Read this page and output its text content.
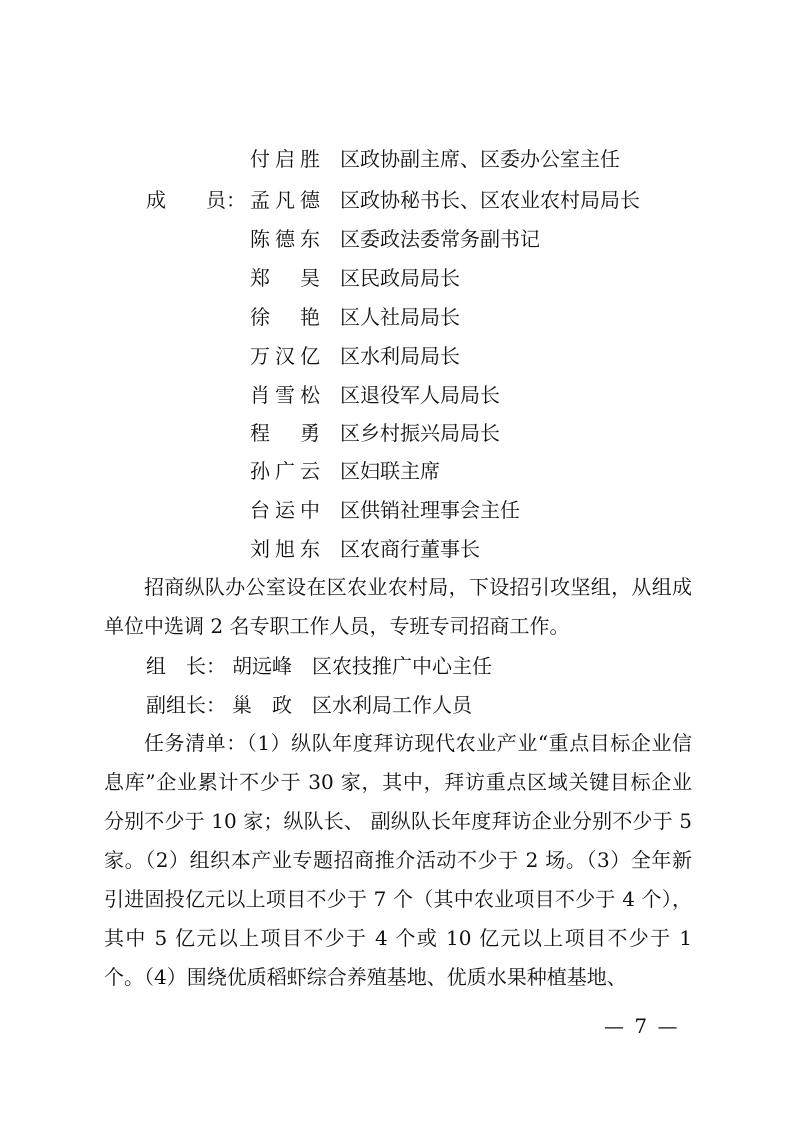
付启胜 区政协副主席、区委办公室主任
成　　员： 孟凡德 区政协秘书长、区农业农村局局长
陈德东 区委政法委常务副书记
郑　昊 区民政局局长
徐　艳 区人社局局长
万汉亿 区水利局局长
肖雪松 区退役军人局局长
程　勇 区乡村振兴局局长
孙广云 区妇联主席
台运中 区供销社理事会主任
刘旭东 区农商行董事长

招商纵队办公室设在区农业农村局，下设招引攻坚组，从组成单位中选调 2 名专职工作人员，专班专司招商工作。

组　长： 胡远峰 区农技推广中心主任
副组长： 巢　政 区水利局工作人员

任务清单：（1）纵队年度拜访现代农业产业“重点目标企业信息库”企业累计不少于 30 家，其中，拜访重点区域关键目标企业分别不少于 10 家；纵队长、 副纵队长年度拜访企业分别不少于 5 家。（2）组织本产业专题招商推介活动不少于 2 场。（3）全年新引进固投亿元以上项目不少于 7 个（其中农业项目不少于 4 个），其中 5 亿元以上项目不少于 4 个或 10 亿元以上项目不少于 1 个。（4）围绕优质稻虾综合养殖基地、优质水果种植基地、

— 7 —
